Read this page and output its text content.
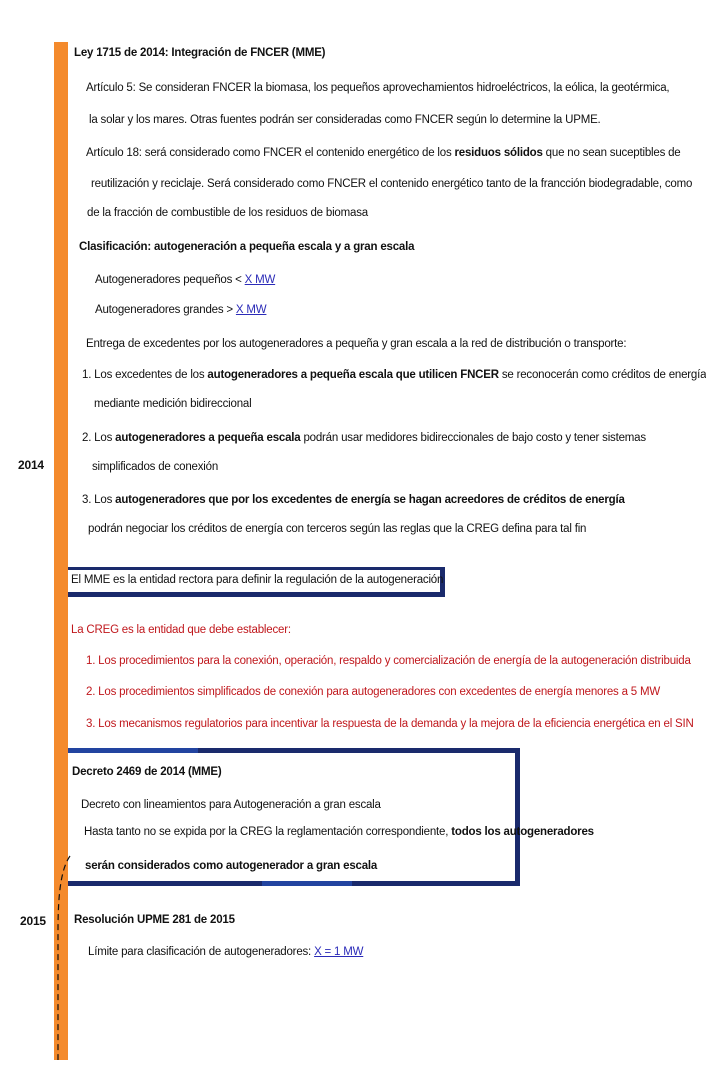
2014
2015
Ley 1715 de 2014: Integración de FNCER (MME)
Artículo 5: Se consideran FNCER la biomasa, los pequeños aprovechamientos hidroeléctricos, la eólica, la geotérmica,
la solar y los mares. Otras fuentes podrán ser consideradas como FNCER según lo determine la UPME.
Artículo 18: será considerado como FNCER el contenido energético de los residuos sólidos que no sean suceptibles de
reutilización y reciclaje. Será considerado como FNCER el contenido energético tanto de la francción biodegradable, como
de la fracción de combustible de los residuos de biomasa
Clasificación: autogeneración a pequeña escala y a gran escala
Autogeneradores pequeños < X MW
Autogeneradores grandes > X MW
Entrega de excedentes por los autogeneradores a pequeña y gran escala a la red de distribución o transporte:
1. Los excedentes de los autogeneradores a pequeña escala que utilicen FNCER se reconocerán como créditos de energía
mediante medición bidireccional
2. Los autogeneradores a pequeña escala podrán usar medidores bidireccionales de bajo costo y tener sistemas
simplificados de conexión
3. Los autogeneradores que por los excedentes de energía se hagan acreedores de créditos de energía
podrán negociar los créditos de energía con terceros según las reglas que la CREG defina para tal fin
El MME es la entidad rectora para definir la regulación de la autogeneración
La CREG es la entidad que debe establecer:
1. Los procedimientos para la conexión, operación, respaldo y comercialización de energía de la autogeneración distribuida
2. Los procedimientos simplificados de conexión para autogeneradores con excedentes de energía menores a 5 MW
3. Los mecanismos regulatorios para incentivar la respuesta de la demanda y la mejora de la eficiencia energética en el SIN
Decreto 2469 de 2014 (MME)
Decreto con lineamientos para Autogeneración a gran escala
Hasta tanto no se expida por la CREG la reglamentación correspondiente, todos los autogeneradores
serán considerados como autogenerador a gran escala
Resolución UPME 281 de 2015
Límite para clasificación de autogeneradores: X = 1 MW
